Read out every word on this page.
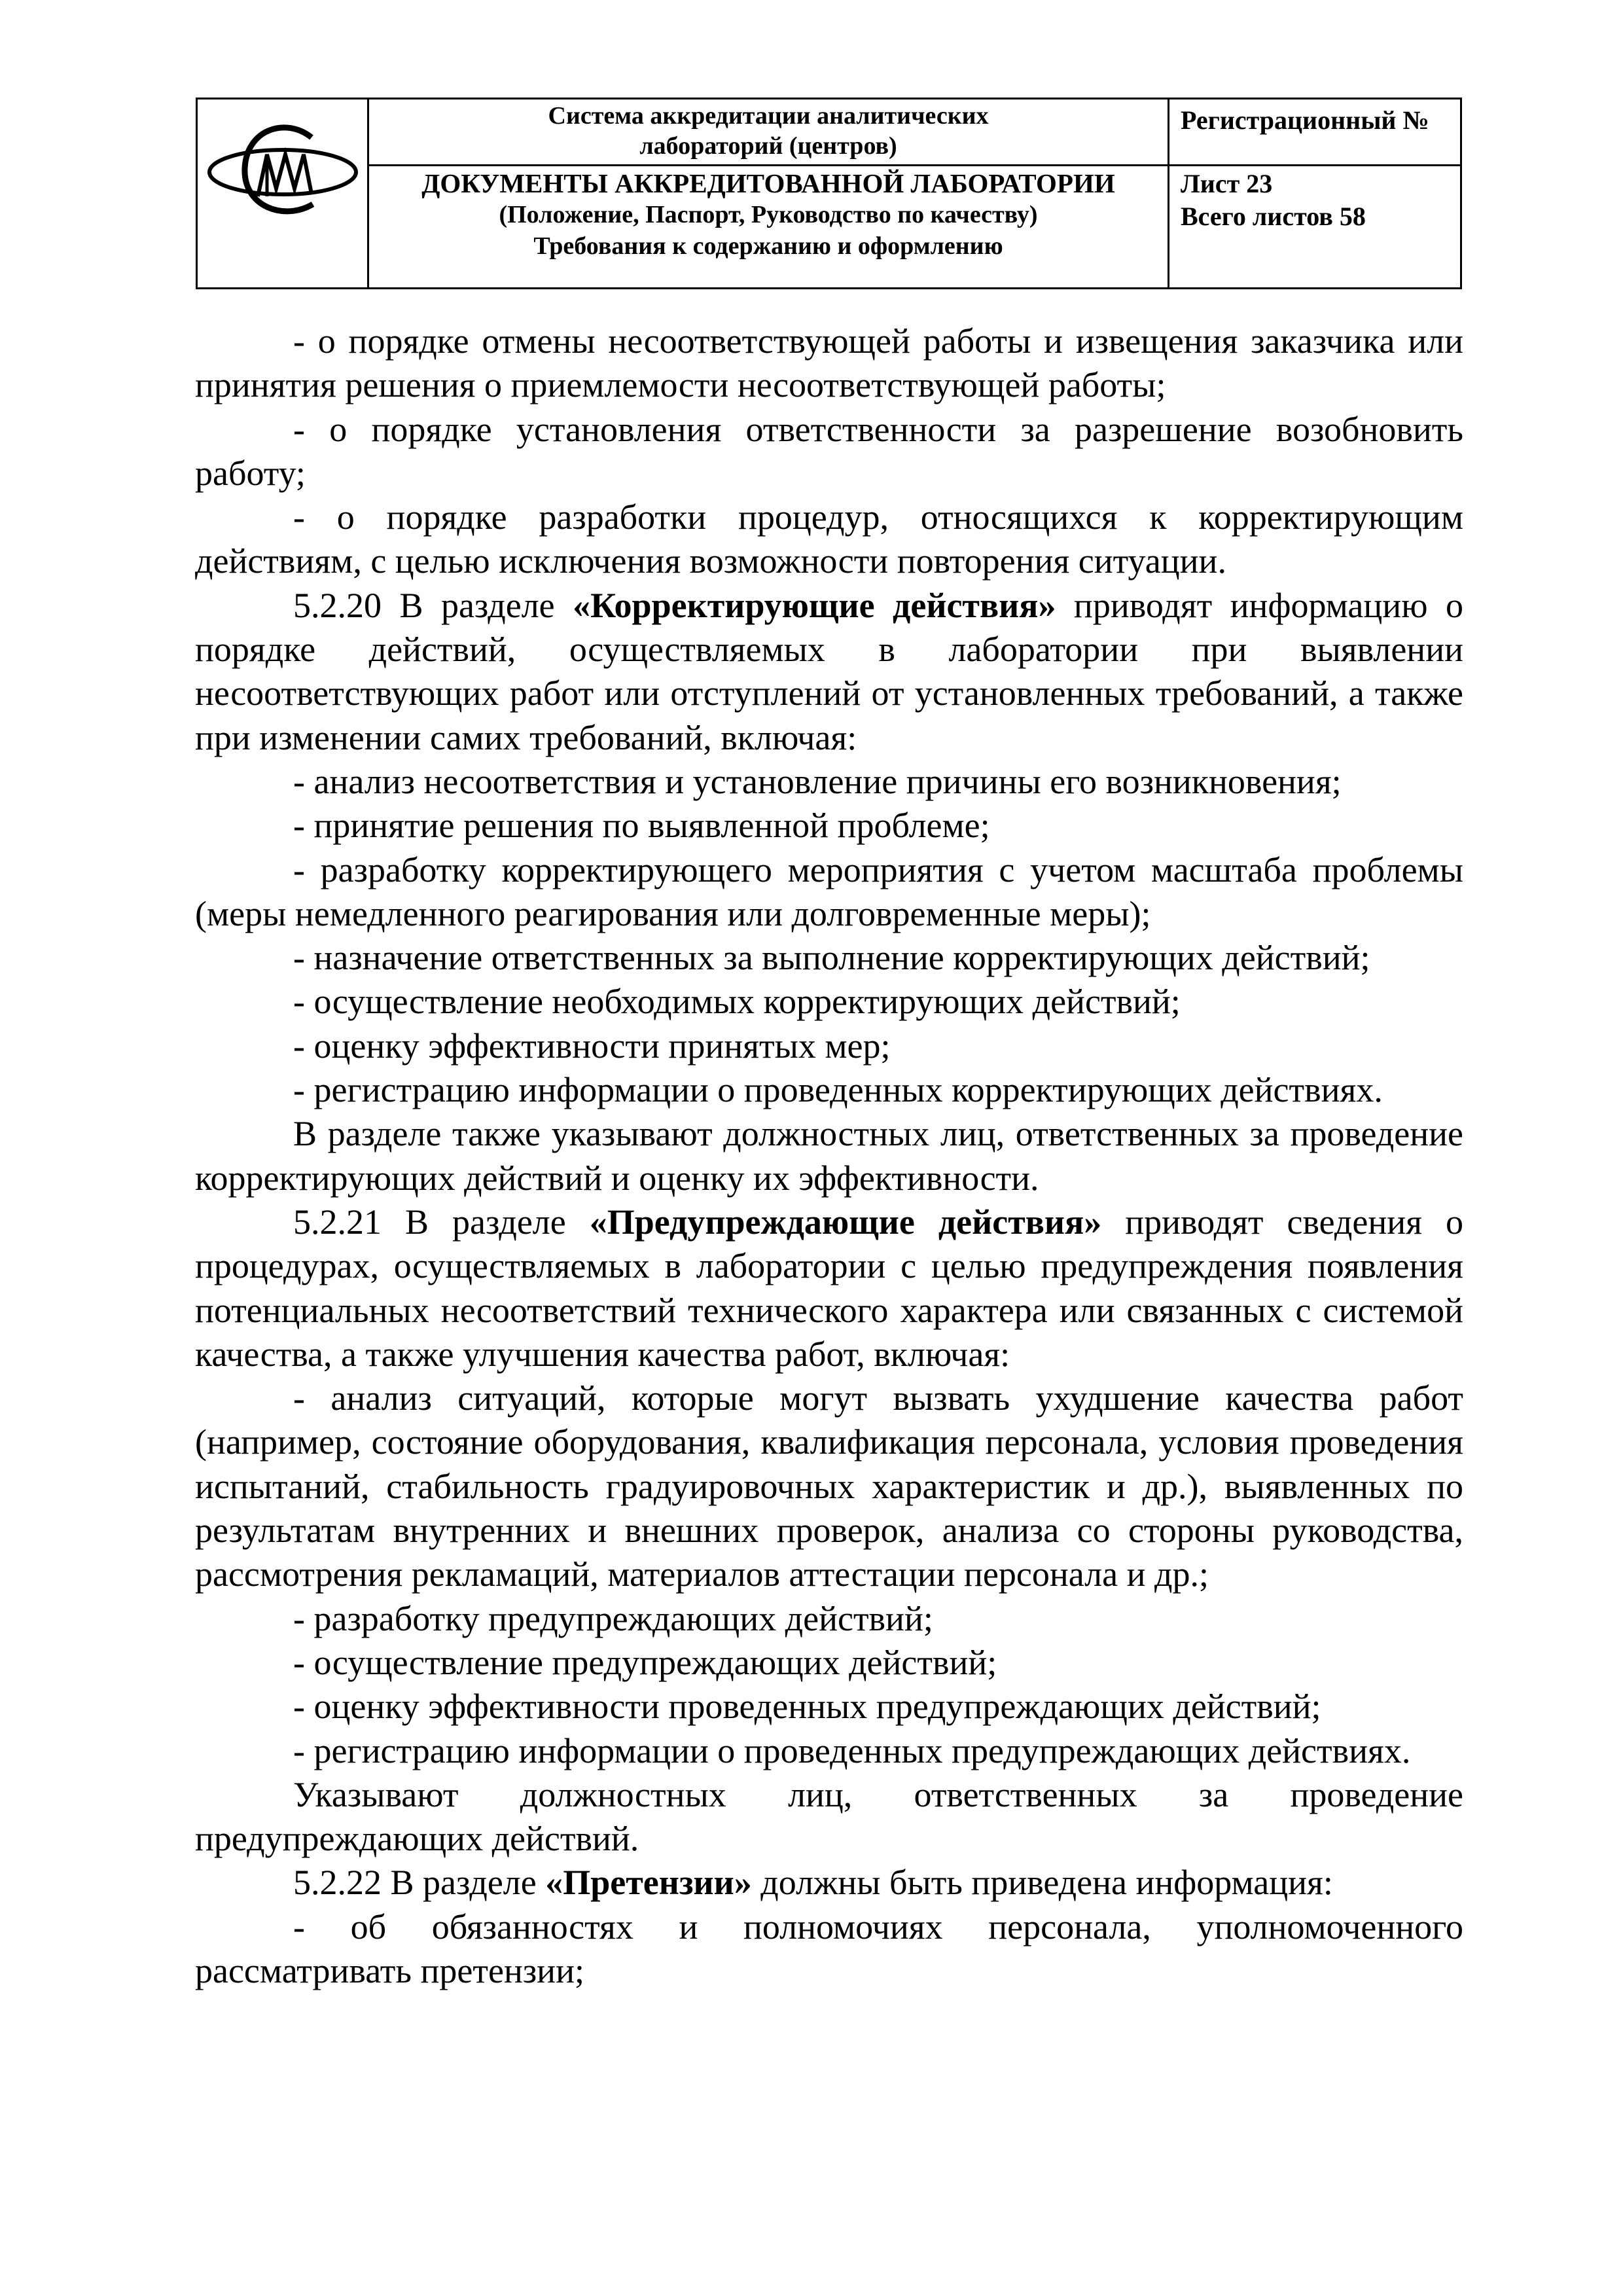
Система аккредитации аналитических
лабораторий (центров)
ДОКУМЕНТЫ АККРЕДИТОВАННОЙ ЛАБОРАТОРИИ
(Положение, Паспорт, Руководство по качеству)
Требования к содержанию и оформлению
Регистрационный №
Лист 23
Всего листов 58

- о порядке отмены несоответствующей работы и извещения заказчика или принятия решения о приемлемости несоответствующей работы;

- о порядке установления ответственности за разрешение возобновить работу;

- о порядке разработки процедур, относящихся к корректирующим действиям, с целью исключения возможности повторения ситуации.

5.2.20 В разделе «Корректирующие действия» приводят информацию о порядке действий, осуществляемых в лаборатории при выявлении несоответствующих работ или отступлений от установленных требований, а также при изменении самих требований, включая:

- анализ несоответствия и установление причины его возникновения;

- принятие решения по выявленной проблеме;

- разработку корректирующего мероприятия с учетом масштаба проблемы (меры немедленного реагирования или долговременные меры);

- назначение ответственных за выполнение корректирующих действий;

- осуществление необходимых корректирующих действий;

- оценку эффективности принятых мер;

- регистрацию информации о проведенных корректирующих действиях.

В разделе также указывают должностных лиц, ответственных за проведение корректирующих действий и оценку их эффективности.

5.2.21 В разделе «Предупреждающие действия» приводят сведения о процедурах, осуществляемых в лаборатории с целью предупреждения появления потенциальных несоответствий технического характера или связанных с системой качества, а также улучшения качества работ, включая:

- анализ ситуаций, которые могут вызвать ухудшение качества работ (например, состояние оборудования, квалификация персонала, условия проведения испытаний, стабильность градуировочных характеристик и др.), выявленных по результатам внутренних и внешних проверок, анализа со стороны руководства, рассмотрения рекламаций, материалов аттестации персонала и др.;

- разработку предупреждающих действий;

- осуществление предупреждающих действий;

- оценку эффективности проведенных предупреждающих действий;

- регистрацию информации о проведенных предупреждающих действиях.

Указывают должностных лиц, ответственных за проведение предупреждающих действий.

5.2.22 В разделе «Претензии» должны быть приведена информация:

- об обязанностях и полномочиях персонала, уполномоченного рассматривать претензии;
